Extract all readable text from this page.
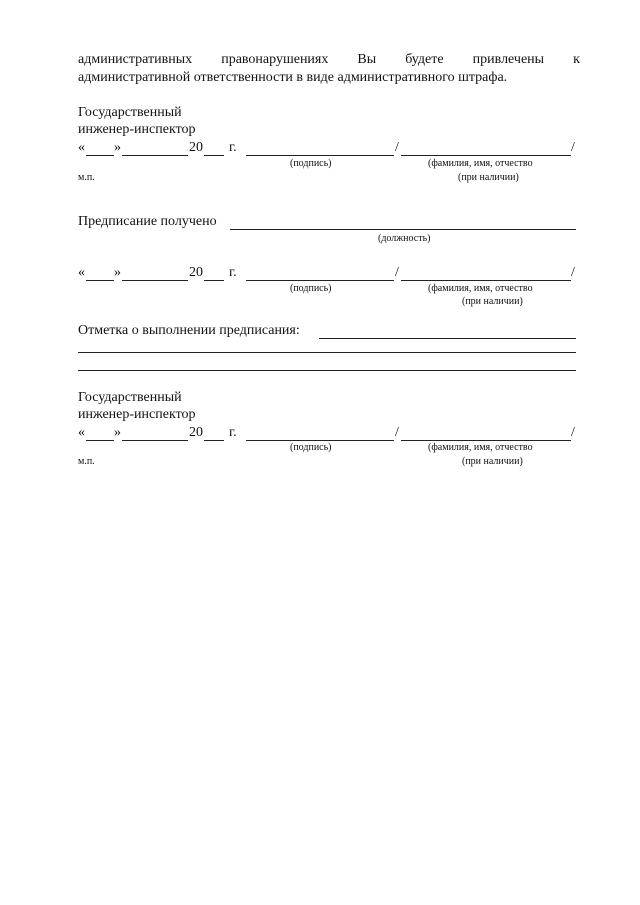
административных правонарушениях Вы будете привлечены к
административной ответственности в виде административного штрафа.
Государственный
инженер-инспектор
« »	20 г.	/	/
(подпись)	(фамилия, имя, отчество
м.п.	(при наличии)
Предписание получено
(должность)
« »	20 г.	/	/
(подпись)	(фамилия, имя, отчество
(при наличии)
Отметка о выполнении предписания:
Государственный
инженер-инспектор
« »	20 г.	/	/
(подпись)	(фамилия, имя, отчество
м.п.	(при наличии)
